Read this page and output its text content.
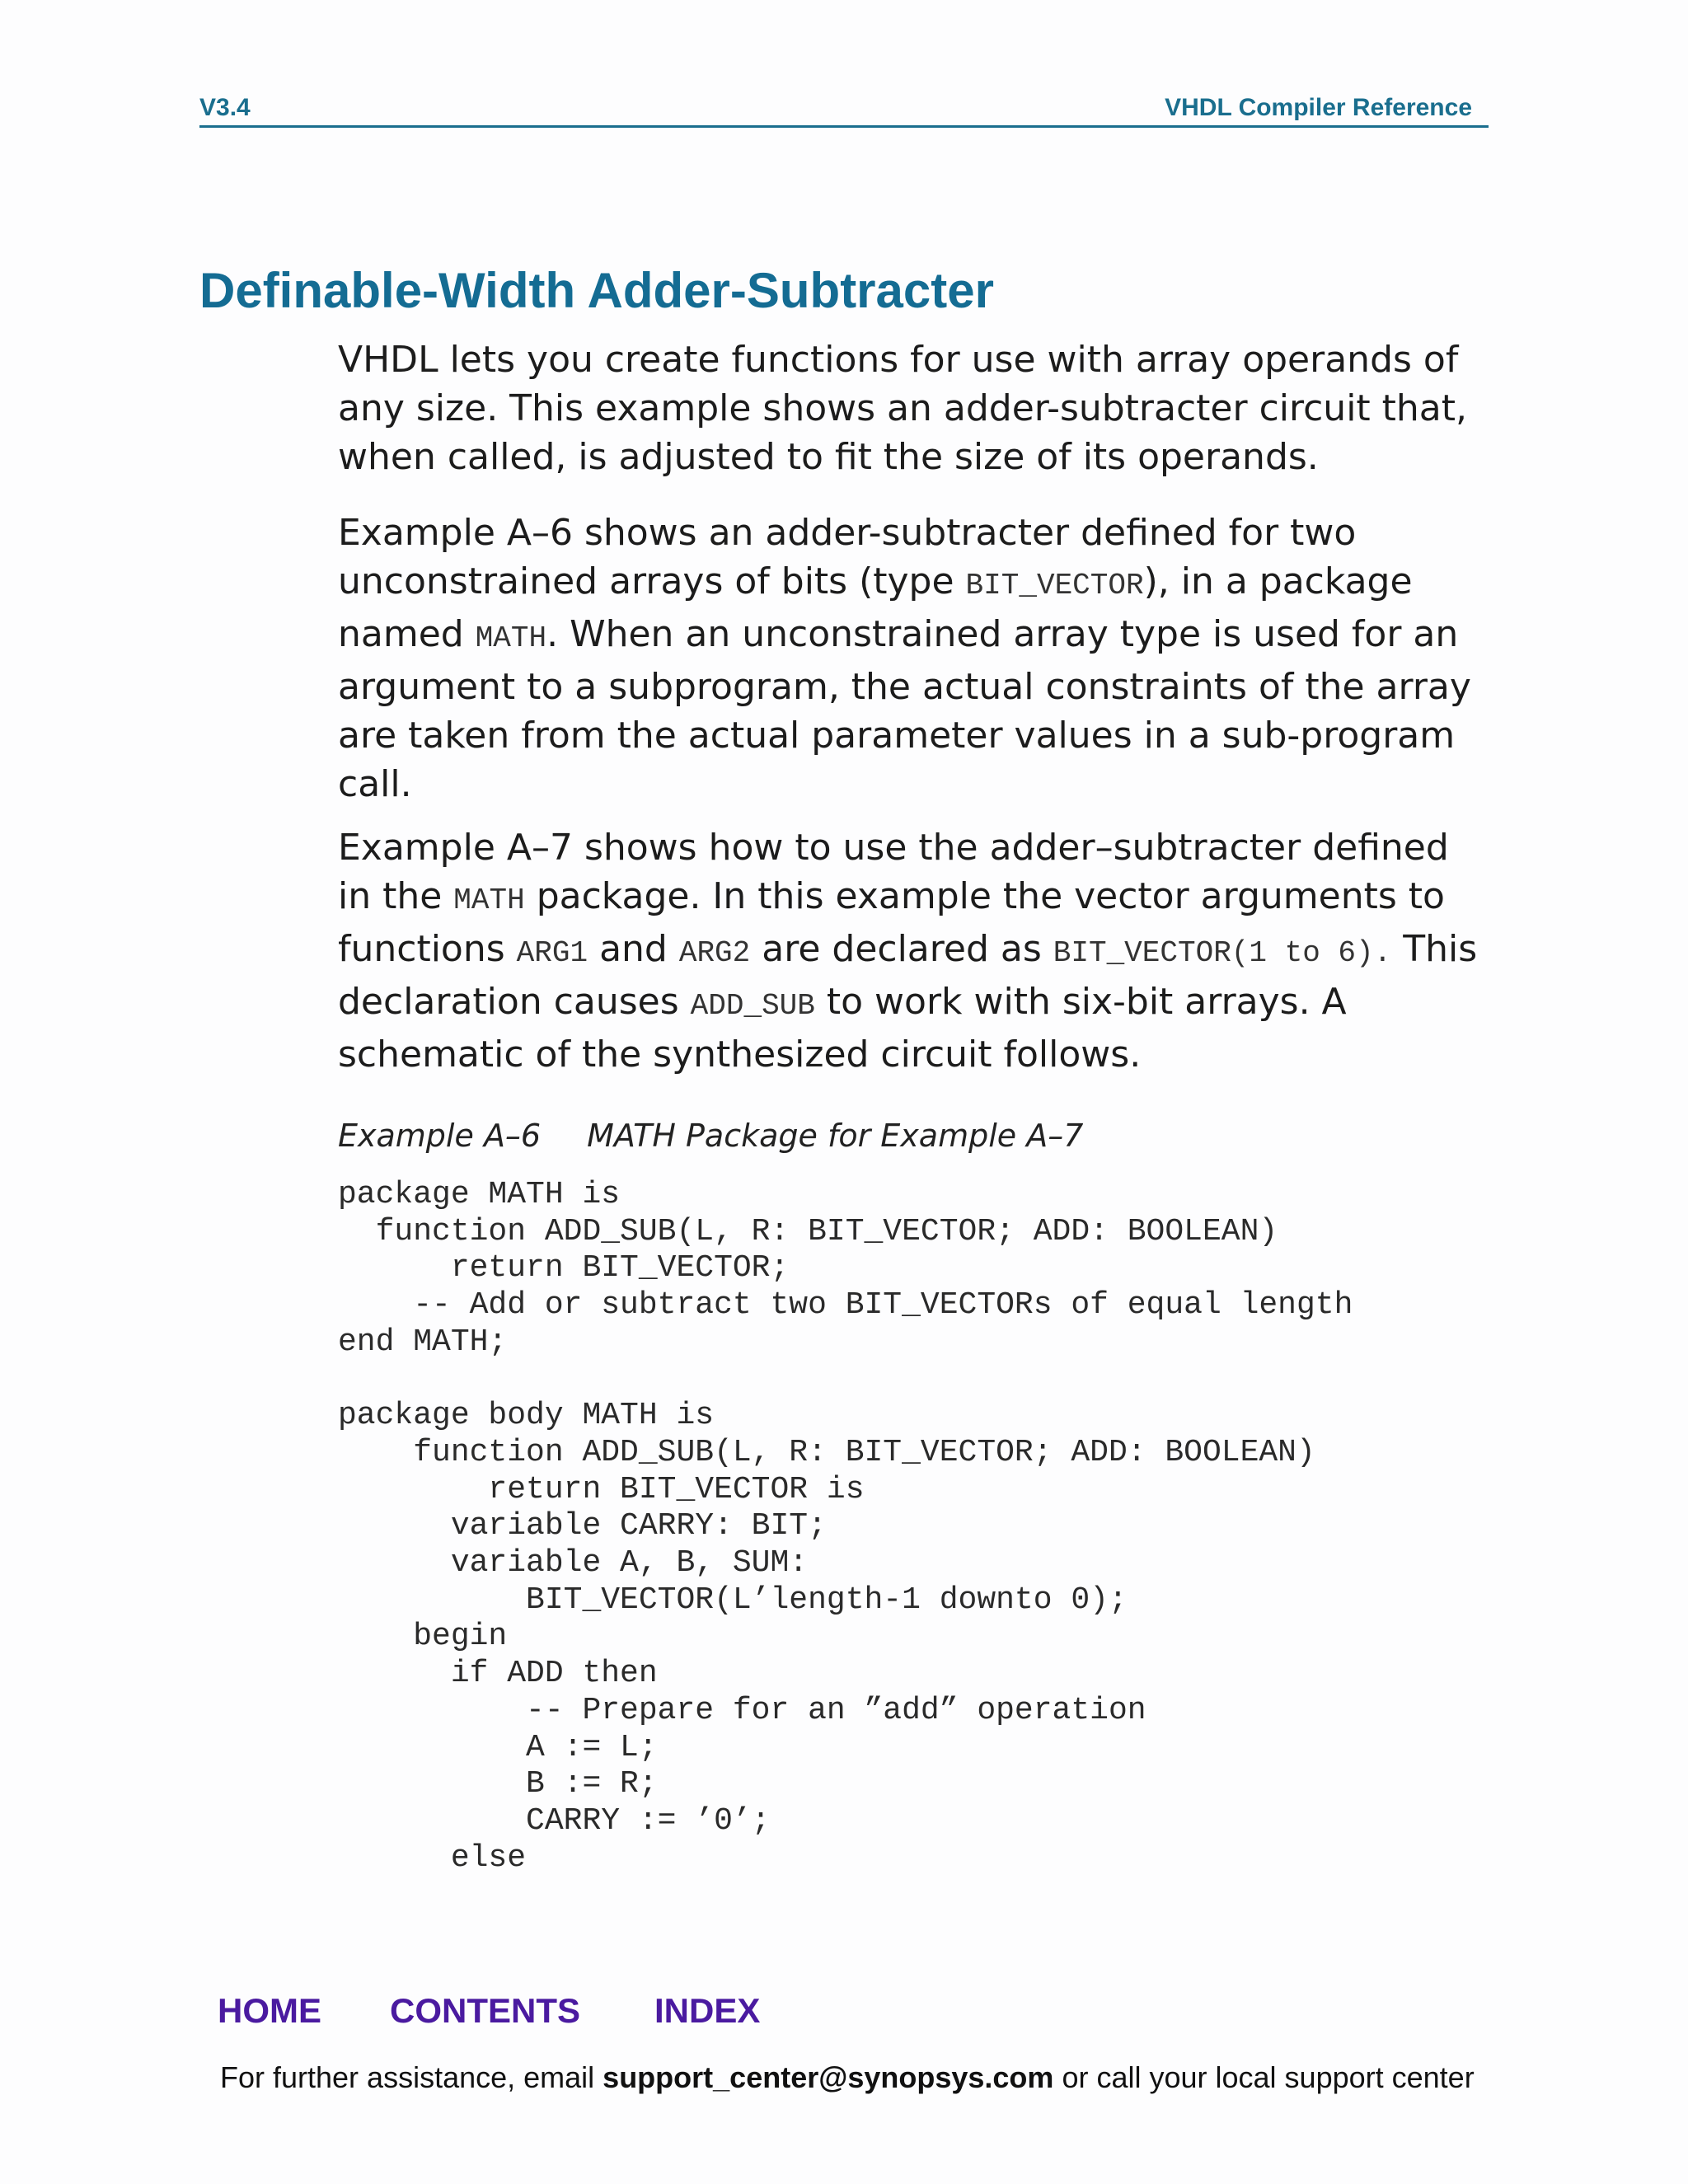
V3.4	VHDL Compiler Reference
Definable-Width Adder-Subtracter

VHDL lets you create functions for use with array operands of any size. This example shows an adder-subtracter circuit that, when called, is adjusted to fit the size of its operands.

Example A–6 shows an adder-subtracter defined for two unconstrained arrays of bits (type BIT_VECTOR), in a package named MATH. When an unconstrained array type is used for an argument to a subprogram, the actual constraints of the array are taken from the actual parameter values in a sub-program call.

Example A–7 shows how to use the adder–subtracter defined in the MATH package. In this example the vector arguments to functions ARG1 and ARG2 are declared as BIT_VECTOR(1 to 6). This declaration causes ADD_SUB to work with six-bit arrays. A schematic of the synthesized circuit follows.

Example A–6 MATH Package for Example A–7
package MATH is
function ADD_SUB(L, R: BIT_VECTOR; ADD: BOOLEAN)
return BIT_VECTOR;
-- Add or subtract two BIT_VECTORs of equal length
end MATH;

package body MATH is
function ADD_SUB(L, R: BIT_VECTOR; ADD: BOOLEAN)
return BIT_VECTOR is
variable CARRY: BIT;
variable A, B, SUM:
BIT_VECTOR(L’length-1 downto 0);
begin
if ADD then
-- Prepare for an ”add” operation
A := L;
B := R;
CARRY := ’0’;
else
HOME CONTENTS INDEX
For further assistance, email support_center@synopsys.com or call your local support center
